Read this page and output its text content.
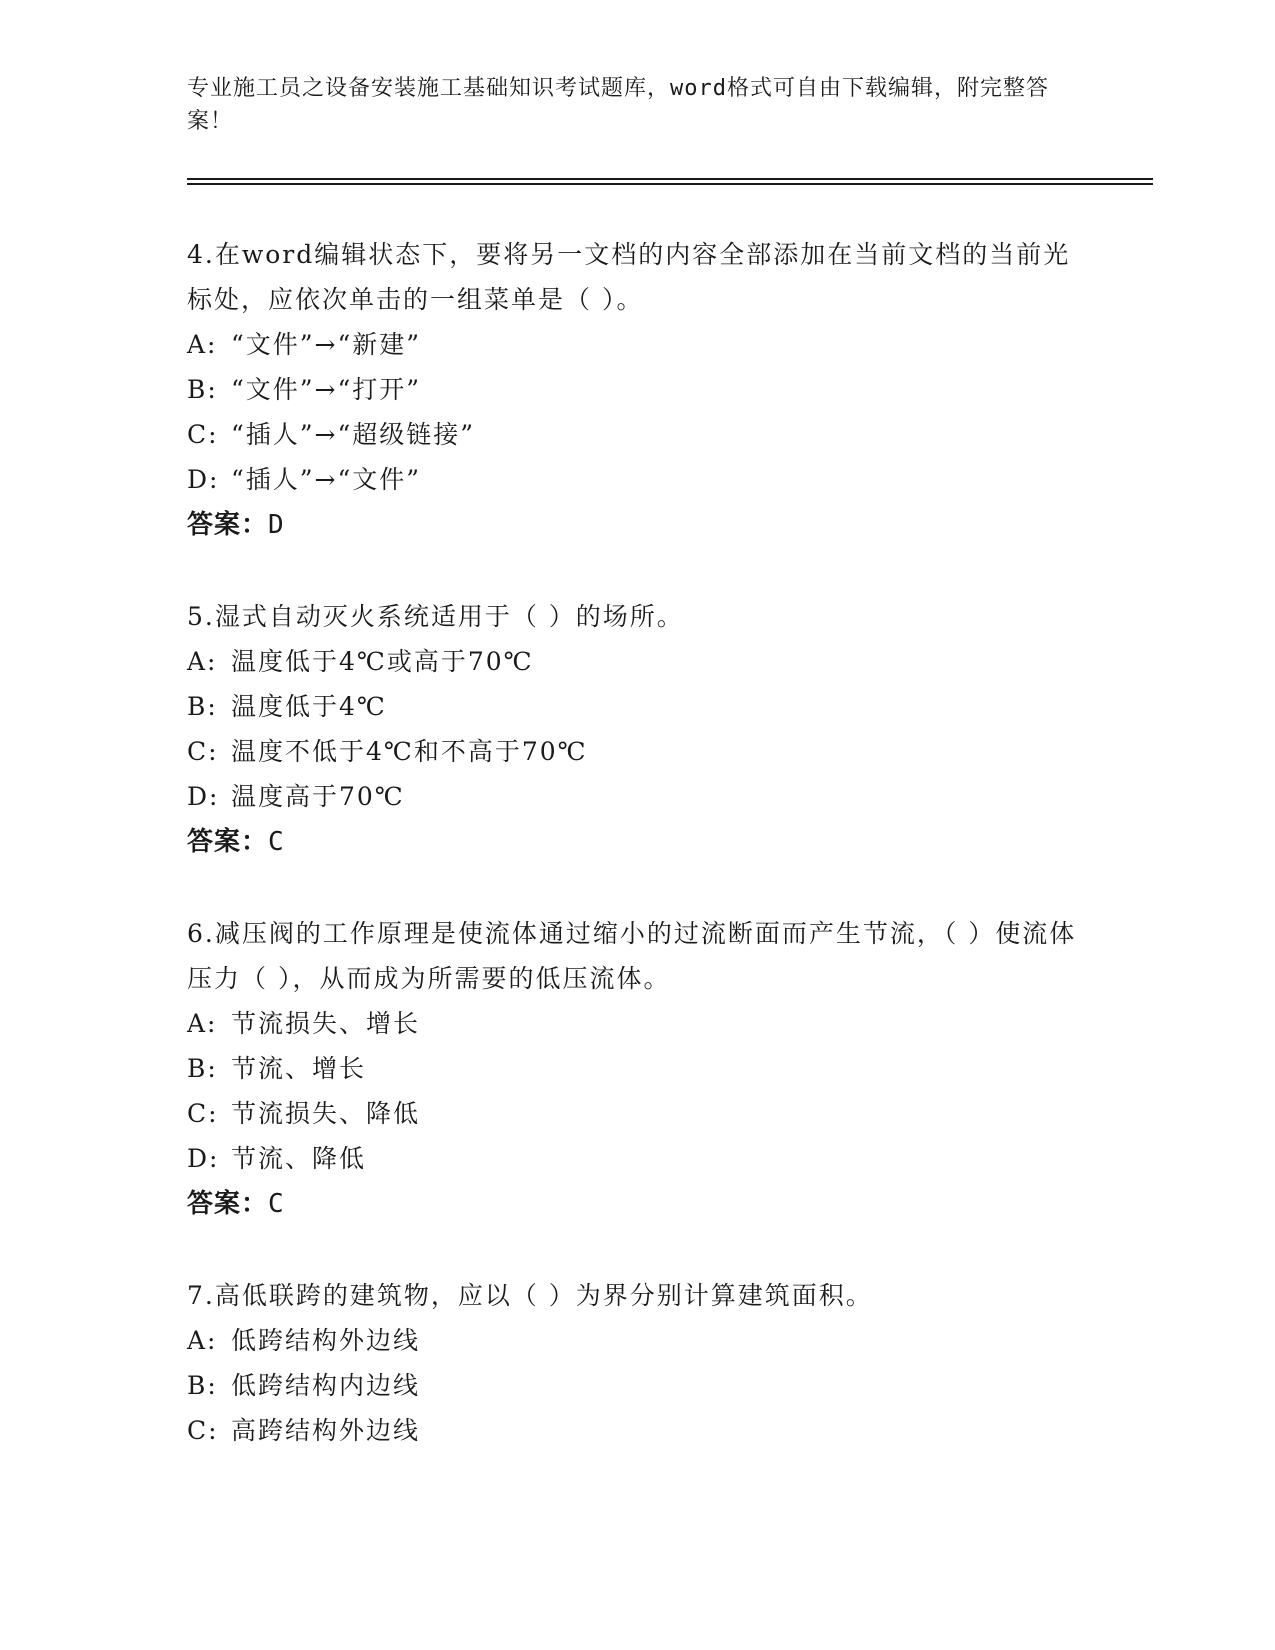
专业施工员之设备安装施工基础知识考试题库，word格式可自由下载编辑，附完整答案！

4.在word编辑状态下，要将另一文档的内容全部添加在当前文档的当前光标处，应依次单击的一组菜单是（ ）。

A: “文件”→“新建”
B: “文件”→“打开”
C: “插人”→“超级链接”
D: “插人”→“文件”

答案：D

5.湿式自动灭火系统适用于（ ）的场所。

A: 温度低于4℃或高于70℃
B: 温度低于4℃
C: 温度不低于4℃和不高于70℃
D: 温度高于70℃

答案：C

6.减压阀的工作原理是使流体通过缩小的过流断面而产生节流，（ ）使流体压力（ ），从而成为所需要的低压流体。

A: 节流损失、增长
B: 节流、增长
C: 节流损失、降低
D: 节流、降低

答案：C

7.高低联跨的建筑物，应以（ ）为界分别计算建筑面积。

A: 低跨结构外边线
B: 低跨结构内边线
C: 高跨结构外边线
